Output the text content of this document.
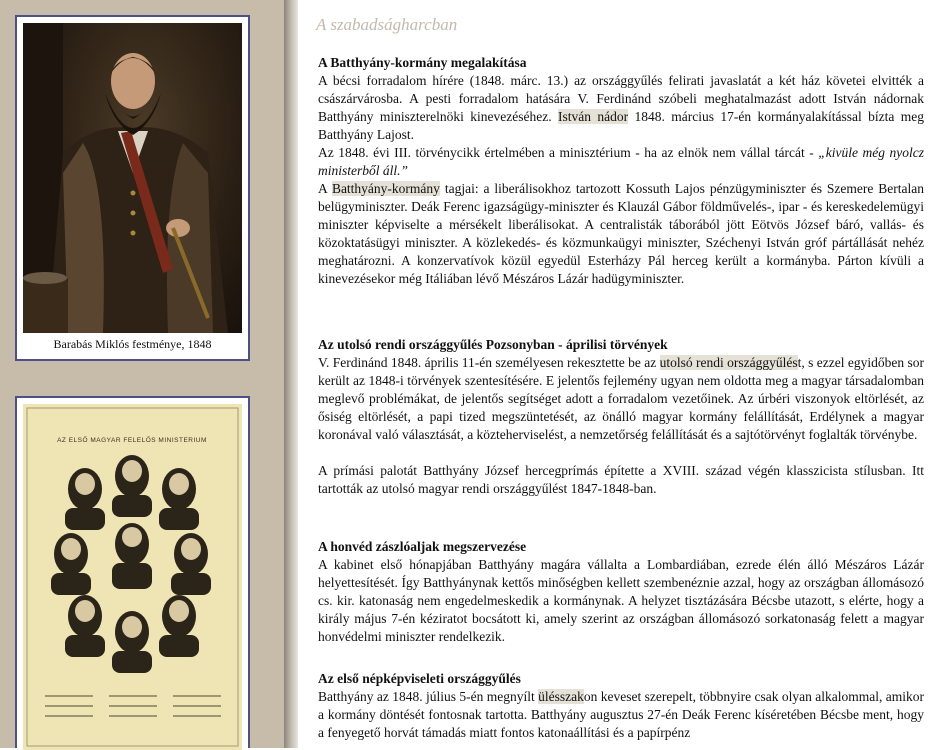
Barabás Miklós festménye, 1848
AZ ELSŐ MAGYAR FELELŐS MINISTERIUM
A szabadságharcban
A Batthyány-kormány megalakítása

A bécsi forradalom hírére (1848. márc. 13.) az országgyűlés felirati javaslatát a két ház követei elvitték a császárvárosba. A pesti forradalom hatására V. Ferdinánd szóbeli meghatalmazást adott István nádornak Batthyány miniszterelnöki kinevezéséhez. István nádor 1848. március 17-én kormányalakítással bízta meg Batthyány Lajost.

Az 1848. évi III. törvénycikk értelmében a minisztérium - ha az elnök nem vállal tárcát - „kivüle még nyolcz ministerből áll.”

A Batthyány-kormány tagjai: a liberálisokhoz tartozott Kossuth Lajos pénzügyminiszter és Szemere Bertalan belügyminiszter. Deák Ferenc igazságügy-miniszter és Klauzál Gábor földművelés-, ipar - és kereskedelemügyi miniszter képviselte a mérsékelt liberálisokat. A centralisták táborából jött Eötvös József báró, vallás- és közoktatásügyi miniszter. A közlekedés- és közmunkaügyi miniszter, Széchenyi István gróf pártállását nehéz meghatározni. A konzervatívok közül egyedül Esterházy Pál herceg került a kormányba. Párton kívüli a kinevezésekor még Itáliában lévő Mészáros Lázár hadügyminiszter.

Az utolsó rendi országgyűlés Pozsonyban - áprilisi törvények

V. Ferdinánd 1848. április 11-én személyesen rekesztette be az utolsó rendi országgyűlést, s ezzel egyidőben sor került az 1848-i törvények szentesítésére. E jelentős fejlemény ugyan nem oldotta meg a magyar társadalomban meglevő problémákat, de jelentős segítséget adott a forradalom vezetőinek. Az úrbéri viszonyok eltörlését, az ősiség eltörlését, a papi tized megszüntetését, az önálló magyar kormány felállítását, Erdélynek a magyar koronával való választását, a közteherviselést, a nemzetőrség felállítását és a sajtótörvényt foglalták törvénybe.

A prímási palotát Batthyány József hercegprímás építette a XVIII. század végén klasszicista stílusban. Itt tartották az utolsó magyar rendi országgyűlést 1847-1848-ban.

A honvéd zászlóaljak megszervezése

A kabinet első hónapjában Batthyány magára vállalta a Lombardiában, ezrede élén álló Mészáros Lázár helyettesítését. Így Batthyánynak kettős minőségben kellett szembenéznie azzal, hogy az országban állomásozó cs. kir. katonaság nem engedelmeskedik a kormánynak. A helyzet tisztázására Bécsbe utazott, s elérte, hogy a király május 7-én kéziratot bocsátott ki, amely szerint az országban állomásozó sorkatonaság felett a magyar honvédelmi miniszter rendelkezik.

Az első népképviseleti országgyűlés

Batthyány az 1848. július 5-én megnyílt ülésszakon keveset szerepelt, többnyire csak olyan alkalommal, amikor a kormány döntését fontosnak tartotta. Batthyány augusztus 27-én Deák Ferenc kíséretében Bécsbe ment, hogy a fenyegető horvát támadás miatt fontos katonaállítási és a papírpénz
